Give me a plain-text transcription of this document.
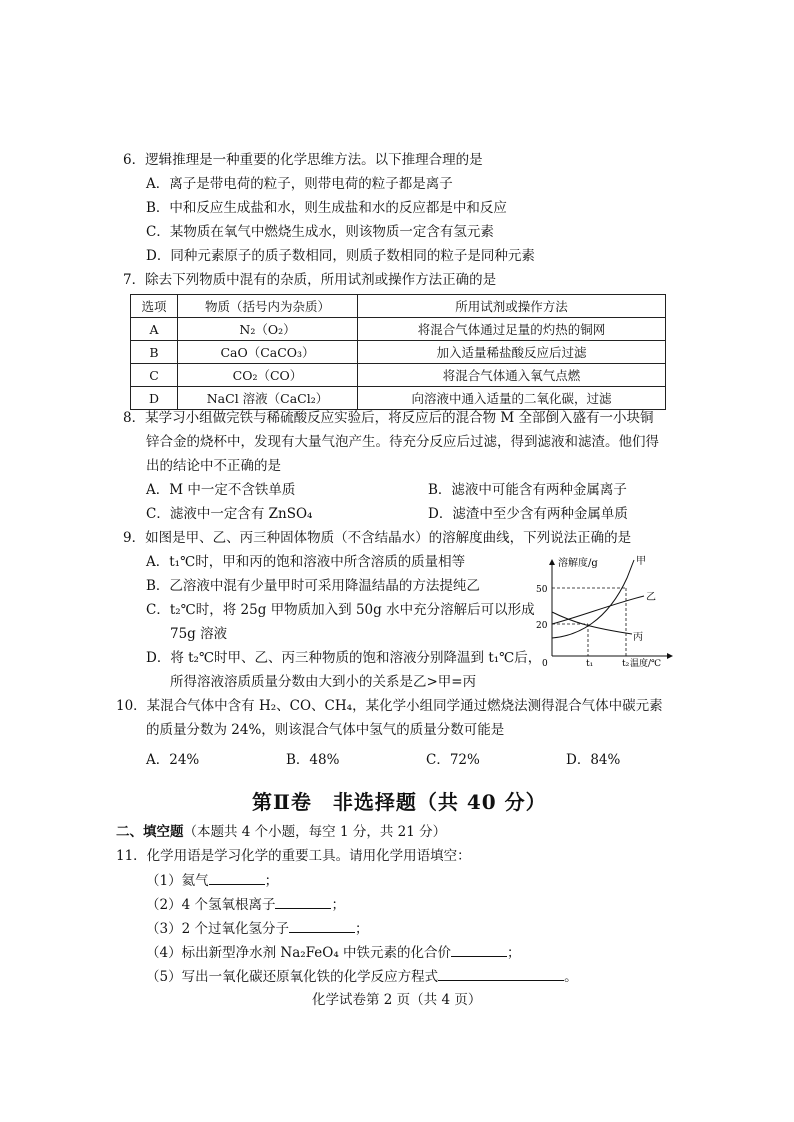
6．逻辑推理是一种重要的化学思维方法。以下推理合理的是
A．离子是带电荷的粒子，则带电荷的粒子都是离子
B．中和反应生成盐和水，则生成盐和水的反应都是中和反应
C．某物质在氧气中燃烧生成水，则该物质一定含有氢元素
D．同种元素原子的质子数相同，则质子数相同的粒子是同种元素
7．除去下列物质中混有的杂质，所用试剂或操作方法正确的是
选项	物质（括号内为杂质）	所用试剂或操作方法
A	N₂（O₂）	将混合气体通过足量的灼热的铜网
B	CaO（CaCO₃）	加入适量稀盐酸反应后过滤
C	CO₂（CO）	将混合气体通入氧气点燃
D	NaCl 溶液（CaCl₂）	向溶液中通入适量的二氧化碳，过滤
8．某学习小组做完铁与稀硫酸反应实验后，将反应后的混合物 M 全部倒入盛有一小块铜
锌合金的烧杯中，发现有大量气泡产生。待充分反应后过滤，得到滤液和滤渣。他们得
出的结论中不正确的是
A．M 中一定不含铁单质	B．滤液中可能含有两种金属离子
C．滤液中一定含有 ZnSO₄	D．滤渣中至少含有两种金属单质
9．如图是甲、乙、丙三种固体物质（不含结晶水）的溶解度曲线，下列说法正确的是
A．t₁℃时，甲和丙的饱和溶液中所含溶质的质量相等
B．乙溶液中混有少量甲时可采用降温结晶的方法提纯乙
C．t₂℃时，将 25g 甲物质加入到 50g 水中充分溶解后可以形成
75g 溶液
D．将 t₂℃时甲、乙、丙三种物质的饱和溶液分别降温到 t₁℃后，
所得溶液溶质质量分数由大到小的关系是乙>甲=丙
溶解度/g
温度/℃
0
50
20
t₁	t₂
甲
乙
丙
10．某混合气体中含有 H₂、CO、CH₄，某化学小组同学通过燃烧法测得混合气体中碳元素
的质量分数为 24%，则该混合气体中氢气的质量分数可能是
A．24%	B．48%	C．72%	D．84%
第Ⅱ卷　非选择题（共 40 分）
二、填空题（本题共 4 个小题，每空 1 分，共 21 分）
11．化学用语是学习化学的重要工具。请用化学用语填空：
（1）氦气	；
（2）4 个氢氧根离子	；
（3）2 个过氧化氢分子	；
（4）标出新型净水剂 Na₂FeO₄ 中铁元素的化合价	；
（5）写出一氧化碳还原氧化铁的化学反应方程式	。
化学试卷第 2 页（共 4 页）
